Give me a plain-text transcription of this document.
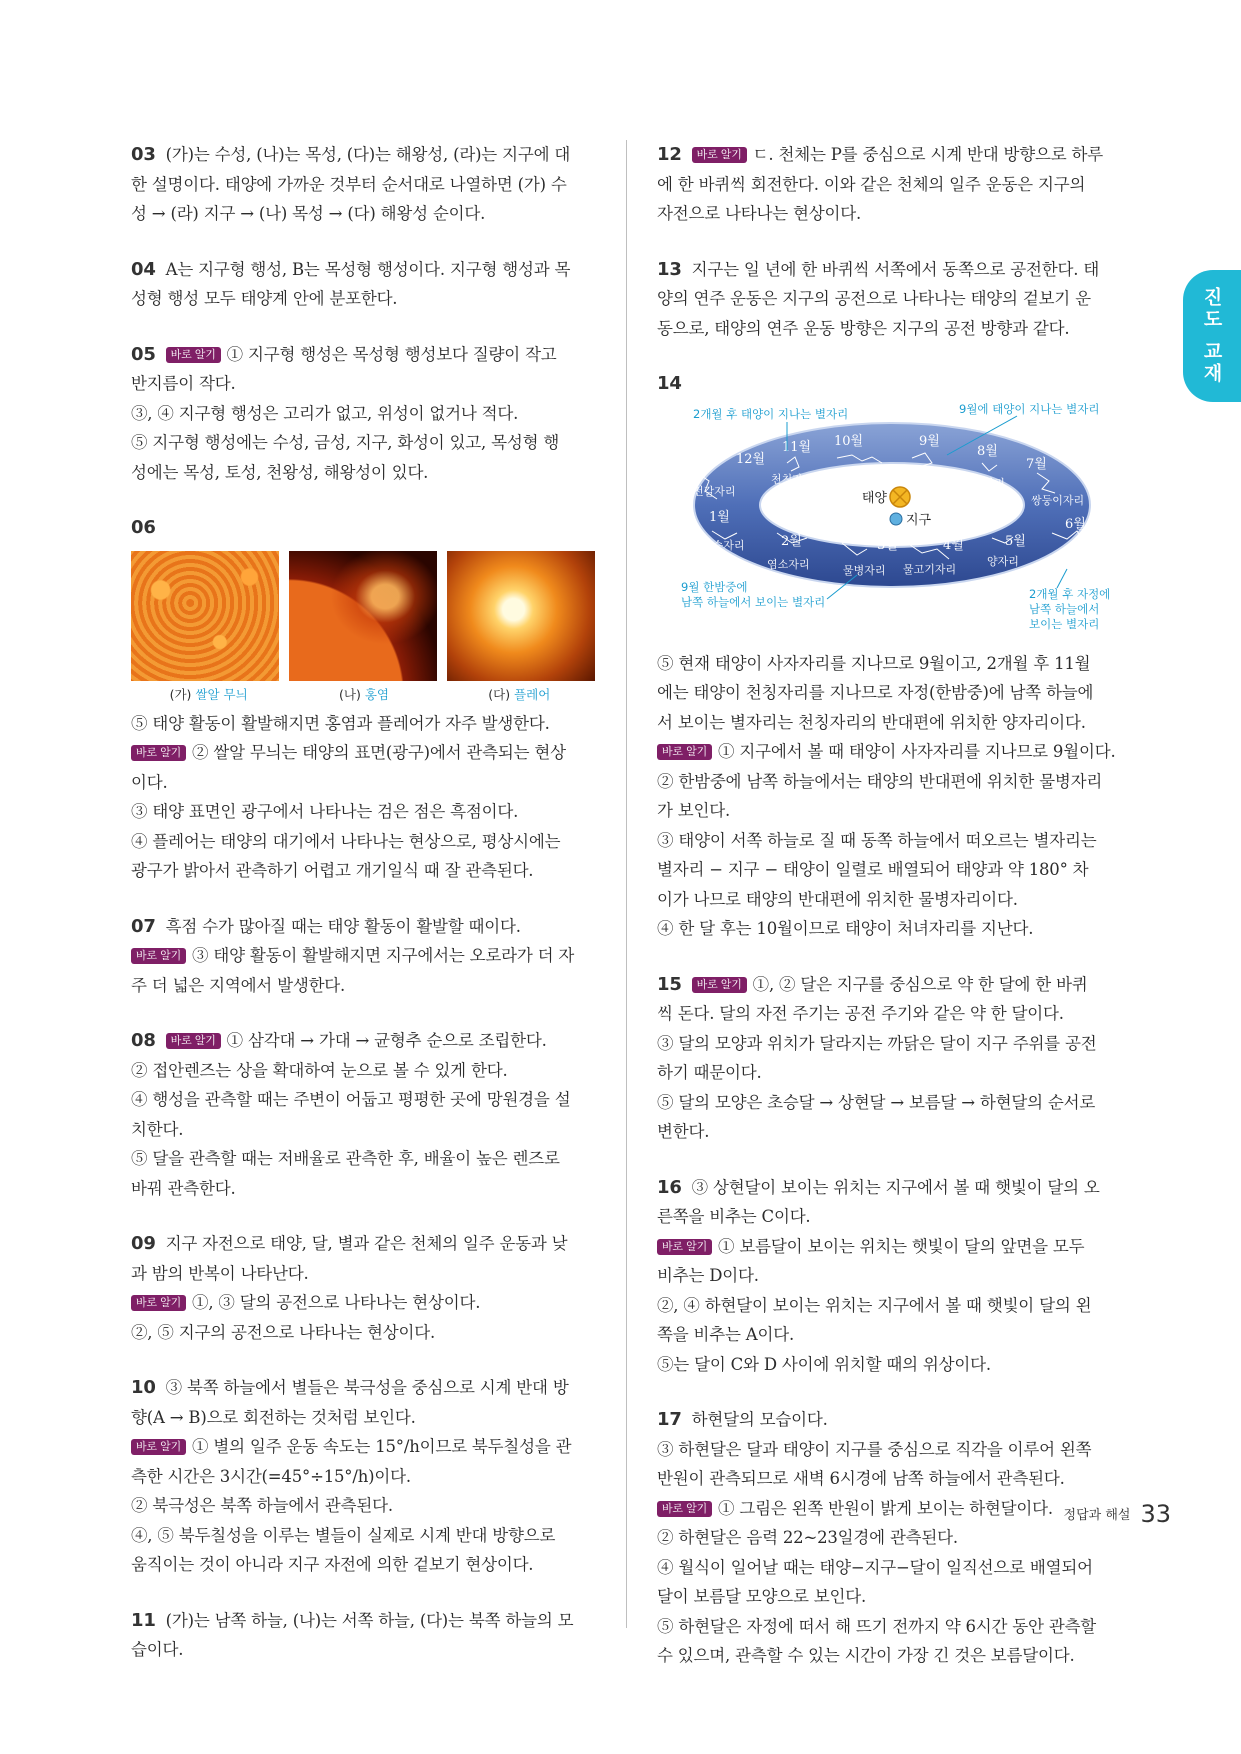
03 (가)는 수성, (나)는 목성, (다)는 해왕성, (라)는 지구에 대
한 설명이다. 태양에 가까운 것부터 순서대로 나열하면 (가) 수
성 → (라) 지구 → (나) 목성 → (다) 해왕성 순이다.
04 A는 지구형 행성, B는 목성형 행성이다. 지구형 행성과 목
성형 행성 모두 태양계 안에 분포한다.
05 바로 알기 ① 지구형 행성은 목성형 행성보다 질량이 작고
반지름이 작다.
③, ④ 지구형 행성은 고리가 없고, 위성이 없거나 적다.
⑤ 지구형 행성에는 수성, 금성, 지구, 화성이 있고, 목성형 행
성에는 목성, 토성, 천왕성, 해왕성이 있다.
06
(가) 쌀알 무늬	(나) 홍염	(다) 플레어
⑤ 태양 활동이 활발해지면 홍염과 플레어가 자주 발생한다.
바로 알기 ② 쌀알 무늬는 태양의 표면(광구)에서 관측되는 현상
이다.
③ 태양 표면인 광구에서 나타나는 검은 점은 흑점이다.
④ 플레어는 태양의 대기에서 나타나는 현상으로, 평상시에는
광구가 밝아서 관측하기 어렵고 개기일식 때 잘 관측된다.
07 흑점 수가 많아질 때는 태양 활동이 활발할 때이다.
바로 알기 ③ 태양 활동이 활발해지면 지구에서는 오로라가 더 자
주 더 넓은 지역에서 발생한다.
08 바로 알기 ① 삼각대 → 가대 → 균형추 순으로 조립한다.
② 접안렌즈는 상을 확대하여 눈으로 볼 수 있게 한다.
④ 행성을 관측할 때는 주변이 어둡고 평평한 곳에 망원경을 설
치한다.
⑤ 달을 관측할 때는 저배율로 관측한 후, 배율이 높은 렌즈로
바꿔 관측한다.
09 지구 자전으로 태양, 달, 별과 같은 천체의 일주 운동과 낮
과 밤의 반복이 나타난다.
바로 알기 ①, ③ 달의 공전으로 나타나는 현상이다.
②, ⑤ 지구의 공전으로 나타나는 현상이다.
10 ③ 북쪽 하늘에서 별들은 북극성을 중심으로 시계 반대 방
향(A → B)으로 회전하는 것처럼 보인다.
바로 알기 ① 별의 일주 운동 속도는 15°/h이므로 북두칠성을 관
측한 시간은 3시간(=45°÷15°/h)이다.
② 북극성은 북쪽 하늘에서 관측된다.
④, ⑤ 북두칠성을 이루는 별들이 실제로 시계 반대 방향으로
움직이는 것이 아니라 지구 자전에 의한 겉보기 현상이다.
11 (가)는 남쪽 하늘, (나)는 서쪽 하늘, (다)는 북쪽 하늘의 모
습이다.
12 바로 알기 ㄷ. 천체는 P를 중심으로 시계 반대 방향으로 하루
에 한 바퀴씩 회전한다. 이와 같은 천체의 일주 운동은 지구의
자전으로 나타나는 현상이다.
13 지구는 일 년에 한 바퀴씩 서쪽에서 동쪽으로 공전한다. 태
양의 연주 운동은 지구의 공전으로 나타나는 태양의 겉보기 운
동으로, 태양의 연주 운동 방향은 지구의 공전 방향과 같다.
14
태양
지구
12월
11월 10월	9월
8월
7월
6월
5월
4월
3월
2월
1월
천칭자리 처녀자리 사자자리
게자리
쌍둥이자리
황소자리
양자리
물고기자리
물병자리
염소자리
궁수자리
전갈자리
2개월 후 태양이 지나는 별자리	9월에 태양이 지나는 별자리
9월 한밤중에
남쪽 하늘에서 보이는 별자리
2개월 후 자정에
남쪽 하늘에서
보이는 별자리
⑤ 현재 태양이 사자자리를 지나므로 9월이고, 2개월 후 11월
에는 태양이 천칭자리를 지나므로 자정(한밤중)에 남쪽 하늘에
서 보이는 별자리는 천칭자리의 반대편에 위치한 양자리이다.
바로 알기 ① 지구에서 볼 때 태양이 사자자리를 지나므로 9월이다.
② 한밤중에 남쪽 하늘에서는 태양의 반대편에 위치한 물병자리
가 보인다.
③ 태양이 서쪽 하늘로 질 때 동쪽 하늘에서 떠오르는 별자리는
별자리 − 지구 − 태양이 일렬로 배열되어 태양과 약 180° 차
이가 나므로 태양의 반대편에 위치한 물병자리이다.
④ 한 달 후는 10월이므로 태양이 처녀자리를 지난다.
15 바로 알기 ①, ② 달은 지구를 중심으로 약 한 달에 한 바퀴
씩 돈다. 달의 자전 주기는 공전 주기와 같은 약 한 달이다.
③ 달의 모양과 위치가 달라지는 까닭은 달이 지구 주위를 공전
하기 때문이다.
⑤ 달의 모양은 초승달 → 상현달 → 보름달 → 하현달의 순서로
변한다.
16 ③ 상현달이 보이는 위치는 지구에서 볼 때 햇빛이 달의 오
른쪽을 비추는 C이다.
바로 알기 ① 보름달이 보이는 위치는 햇빛이 달의 앞면을 모두
비추는 D이다.
②, ④ 하현달이 보이는 위치는 지구에서 볼 때 햇빛이 달의 왼
쪽을 비추는 A이다.
⑤는 달이 C와 D 사이에 위치할 때의 위상이다.
17 하현달의 모습이다.
③ 하현달은 달과 태양이 지구를 중심으로 직각을 이루어 왼쪽
반원이 관측되므로 새벽 6시경에 남쪽 하늘에서 관측된다.
바로 알기 ① 그림은 왼쪽 반원이 밝게 보이는 하현달이다.
② 하현달은 음력 22~23일경에 관측된다.
④ 월식이 일어날 때는 태양−지구−달이 일직선으로 배열되어
달이 보름달 모양으로 보인다.
⑤ 하현달은 자정에 떠서 해 뜨기 전까지 약 6시간 동안 관측할
수 있으며, 관측할 수 있는 시간이 가장 긴 것은 보름달이다.
진도 교재
정답과 해설 33
